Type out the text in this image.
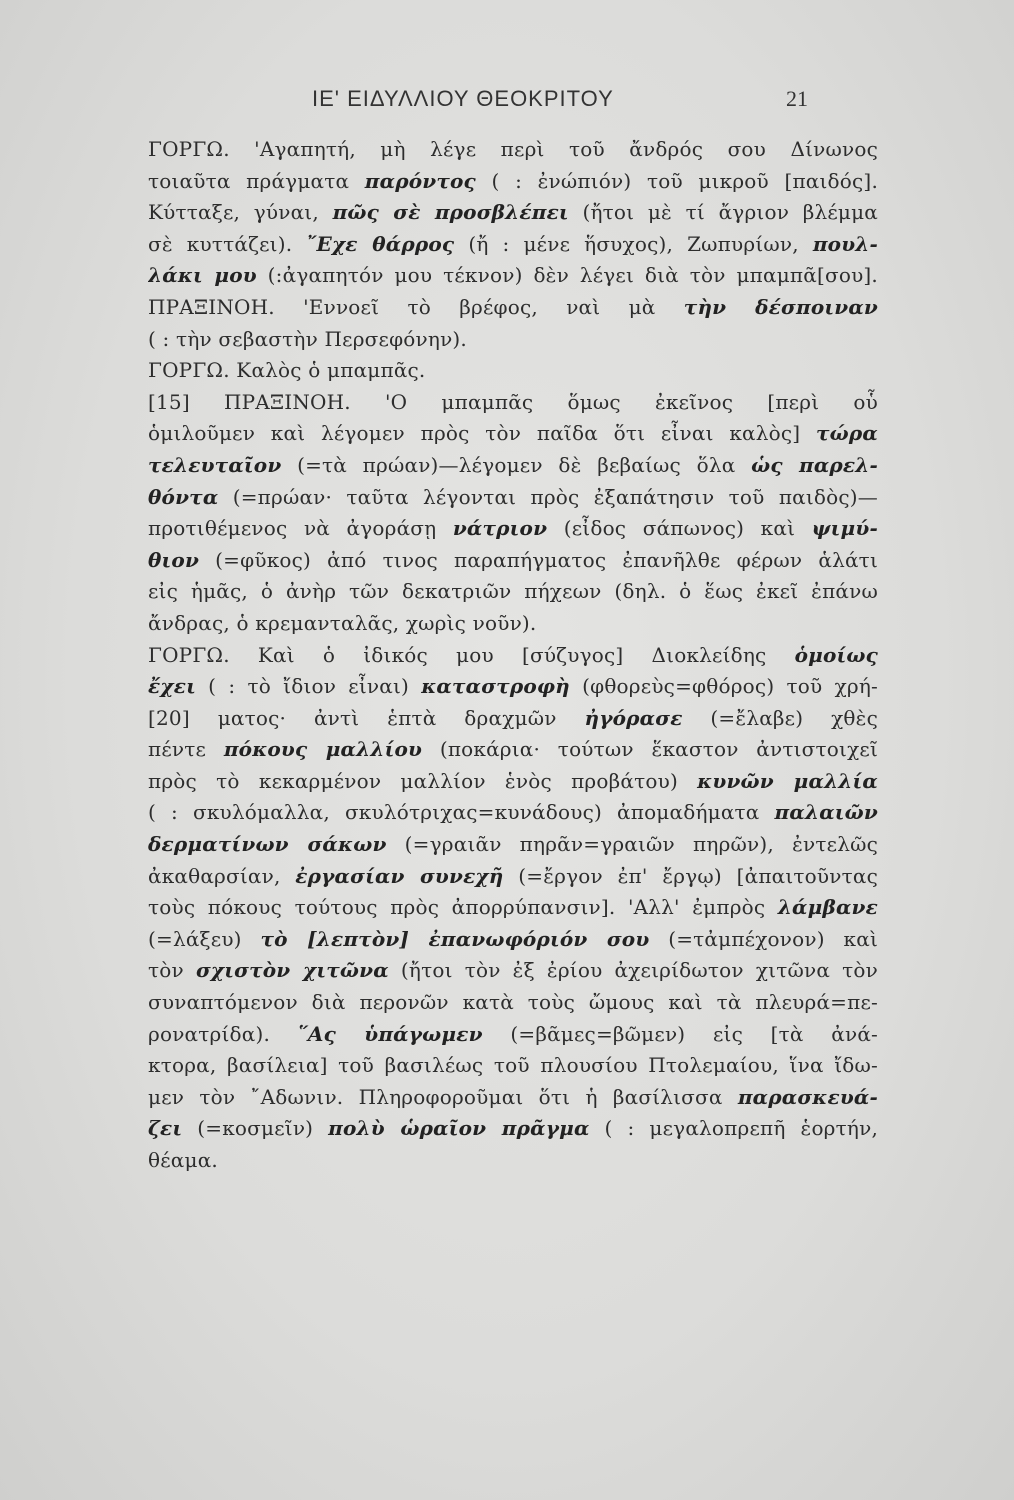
ΙΕ' ΕΙΔΥΛΛΙΟΥ ΘΕΟΚΡΙΤΟΥ	21
ΓΟΡΓΩ. 'Αγαπητή, μὴ λέγε περὶ τοῦ ἄνδρός σου Δίνωνος
τοιαῦτα πράγματα παρόντος ( : ἐνώπιόν) τοῦ μικροῦ [παιδός].
Κύτταξε, γύναι, πῶς σὲ προσβλέπει (ἤτοι μὲ τί ἄγριον βλέμμα
σὲ κυττάζει). ῎Εχε θάρρος (ἤ : μένε ἥσυχος), Ζωπυρίων, πουλ-
λάκι μου (:ἀγαπητόν μου τέκνον) δὲν λέγει διὰ τὸν μπαμπᾶ[σου].
ΠΡΑΞΙΝΟΗ. 'Εννοεῖ τὸ βρέφος, ναὶ μὰ τὴν δέσποιναν
( : τὴν σεβαστὴν Περσεφόνην).
ΓΟΡΓΩ. Καλὸς ὁ μπαμπᾶς.
[15] ΠΡΑΞΙΝΟΗ. 'Ο μπαμπᾶς ὅμως ἐκεῖνος [περὶ οὗ
ὁμιλοῦμεν καὶ λέγομεν πρὸς τὸν παῖδα ὅτι εἶναι καλὸς] τώρα
τελευταῖον (=τὰ πρώαν)—λέγομεν δὲ βεβαίως ὅλα ὡς παρελ-
θόντα (=πρώαν· ταῦτα λέγονται πρὸς ἐξαπάτησιν τοῦ παιδὸς)—
προτιθέμενος νὰ ἀγοράσῃ νάτριον (εἶδος σάπωνος) καὶ ψιμύ-
θιον (=φῦκος) ἀπό τινος παραπήγματος ἐπανῆλθε φέρων ἁλάτι
εἰς ἡμᾶς, ὁ ἀνὴρ τῶν δεκατριῶν πήχεων (δηλ. ὁ ἕως ἐκεῖ ἐπάνω
ἄνδρας, ὁ κρεμανταλᾶς, χωρὶς νοῦν).
ΓΟΡΓΩ. Καὶ ὁ ἰδικός μου [σύζυγος] Διοκλείδης ὁμοίως
ἔχει ( : τὸ ἴδιον εἶναι) καταστροφὴ (φθορεὺς=φθόρος) τοῦ χρή-
[20] ματος· ἀντὶ ἑπτὰ δραχμῶν ἠγόρασε (=ἔλαβε) χθὲς
πέντε πόκους μαλλίου (ποκάρια· τούτων ἕκαστον ἀντιστοιχεῖ
πρὸς τὸ κεκαρμένον μαλλίον ἑνὸς προβάτου) κυνῶν μαλλία
( : σκυλόμαλλα, σκυλότριχας=κυνάδους) ἀπομαδήματα παλαιῶν
δερματίνων σάκων (=γραιᾶν πηρᾶν=γραιῶν πηρῶν), ἐντελῶς
ἀκαθαρσίαν, ἐργασίαν συνεχῆ (=ἔργον ἐπ' ἔργῳ) [ἀπαιτοῦντας
τοὺς πόκους τούτους πρὸς ἀπορρύπανσιν]. 'Αλλ' ἐμπρὸς λάμβανε
(=λάξευ) τὸ [λεπτὸν] ἐπανωφόριόν σου (=τἀμπέχονον) καὶ
τὸν σχιστὸν χιτῶνα (ἤτοι τὸν ἐξ ἐρίου ἀχειρίδωτον χιτῶνα τὸν
συναπτόμενον διὰ περονῶν κατὰ τοὺς ὤμους καὶ τὰ πλευρά=πε-
ρονατρίδα). ῞Ας ὑπάγωμεν (=βᾶμες=βῶμεν) εἰς [τὰ ἀνά-
κτορα, βασίλεια] τοῦ βασιλέως τοῦ πλουσίου Πτολεμαίου, ἵνα ἴδω-
μεν τὸν ῎Αδωνιν. Πληροφοροῦμαι ὅτι ἡ βασίλισσα παρασκευά-
ζει (=κοσμεῖν) πολὺ ὡραῖον πρᾶγμα ( : μεγαλοπρεπῆ ἑορτήν,
θέαμα.
